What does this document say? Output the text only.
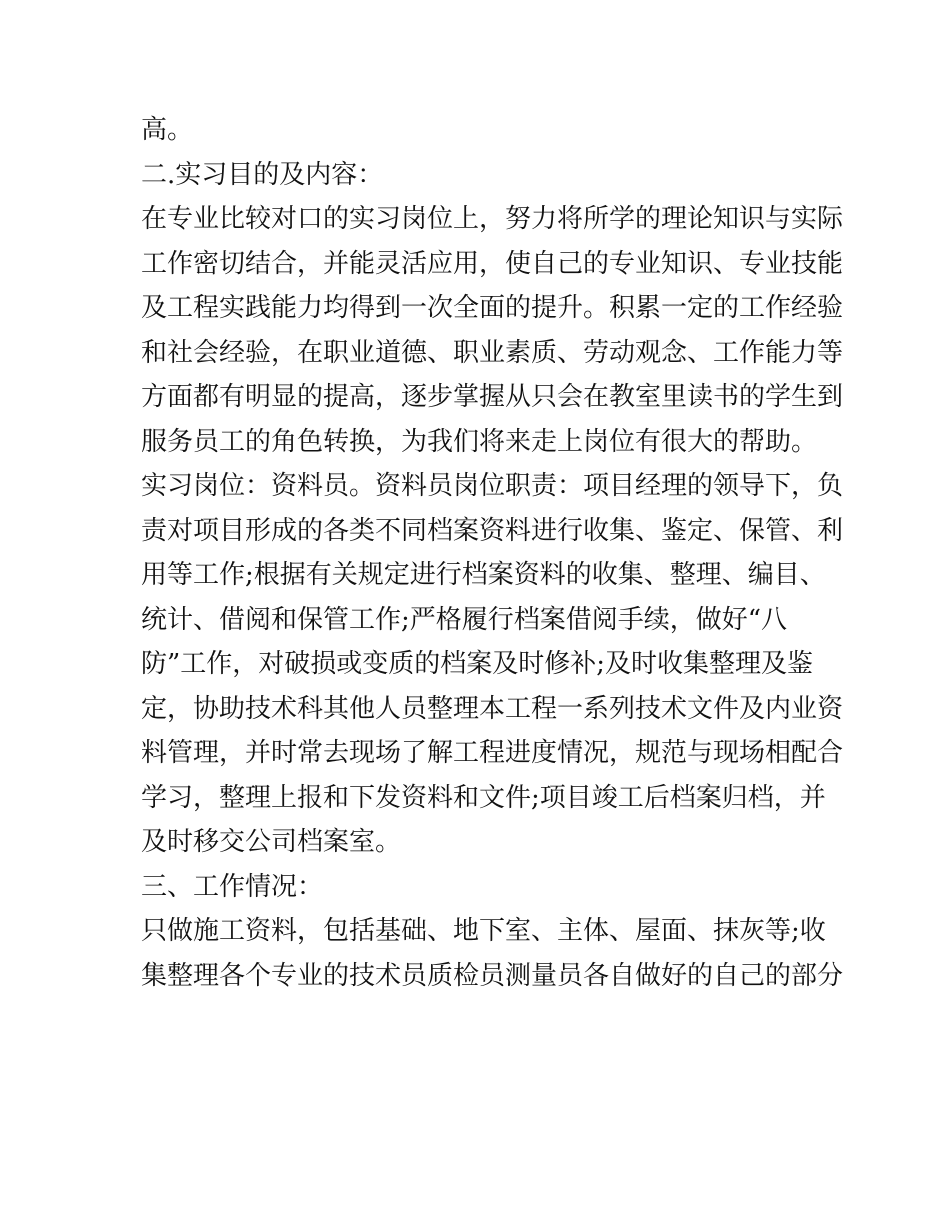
高。
二.实习目的及内容：
在专业比较对口的实习岗位上，努力将所学的理论知识与实际
工作密切结合，并能灵活应用，使自己的专业知识、专业技能
及工程实践能力均得到一次全面的提升。积累一定的工作经验
和社会经验，在职业道德、职业素质、劳动观念、工作能力等
方面都有明显的提高，逐步掌握从只会在教室里读书的学生到
服务员工的角色转换，为我们将来走上岗位有很大的帮助。
实习岗位：资料员。资料员岗位职责：项目经理的领导下，负
责对项目形成的各类不同档案资料进行收集、鉴定、保管、利
用等工作;根据有关规定进行档案资料的收集、整理、编目、
统计、借阅和保管工作;严格履行档案借阅手续，做好“八
防”工作，对破损或变质的档案及时修补;及时收集整理及鉴
定，协助技术科其他人员整理本工程一系列技术文件及内业资
料管理，并时常去现场了解工程进度情况，规范与现场相配合
学习，整理上报和下发资料和文件;项目竣工后档案归档，并
及时移交公司档案室。
三、工作情况：
只做施工资料，包括基础、地下室、主体、屋面、抹灰等;收
集整理各个专业的技术员质检员测量员各自做好的自己的部分
